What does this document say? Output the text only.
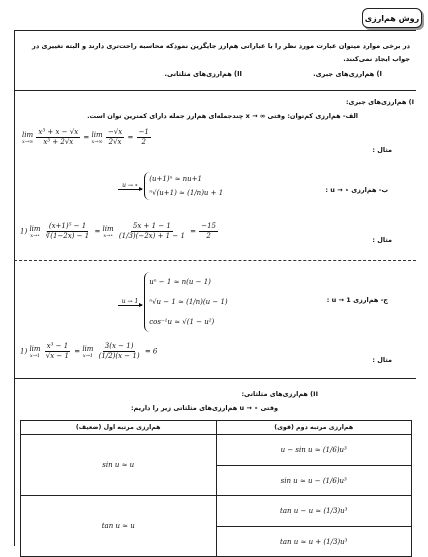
روش هم‌ارزی
در برخی موارد میتوان عبارت مورد نظر را با عباراتی هم‌ارز جایگزین نمودکه محاسبه راحت‌تری دارند و البته تغییری در جواب ایجاد نمی‌کنند.
I) هم‌ارزی‌های جبری.
II) هم‌ارزی‌های مثلثاتی.
I) هم‌ارزی‌های جبری:
الف- هم‌ارزی کم‌توان: وقتی ∞ → x چندجمله‌ای هم‌ارز جمله دارای کمترین توان است.
lim
x→∞
$\frac{\text{x³ + x − √x}}{\text{x³ + 2√x}} = \lim$
x→∞
$\frac{-√x}{2√x} = \frac{-1}{2}$
مثال :
ب- هم‌ارزی ∘ → u :
u → ∘

(u+1)ⁿ ≈ nu+1
ⁿ√(u+1) ≈ (1/n)u + 1
1) lim
x→∘
$\frac{\text{(x+1)⁵ − 1}}{∛(1-2x) - 1} = \lim$
x→∘
$\frac{5x + 1 - 1}{(1/3)(-2x) + 1 - 1} = \frac{-15}{2}$	مثال :
ج- هم‌ارزی 1 → u :
u → 1

uⁿ − 1 ≈ n(u − 1)
ⁿ√u − 1 ≈ (1/n)(u − 1)
cos⁻¹u ≈ √(1 − u²)
1) lim
x→1
$\frac{\text{x³ − 1}}{√x - 1} = \lim$
x→1
$\frac{3(x - 1)}{(1/2)(x - 1)} = 6$
مثال :
II) هم‌ارزی‌های مثلثاتی:
وقتی ∘ → u هم‌ارزی‌های مثلثاتی زیر را داریم:
هم‌ارزی مرتبه اول (ضعیف)	هم‌ارزی مرتبه دوم (قوی)
sin u ≈ u	u − sin u ≈ (1/6)u³
sin u ≈ u − (1/6)u³

tan u ≈ u	tan u − u ≈ (1/3)u³
tan u ≈ u + (1/3)u³
